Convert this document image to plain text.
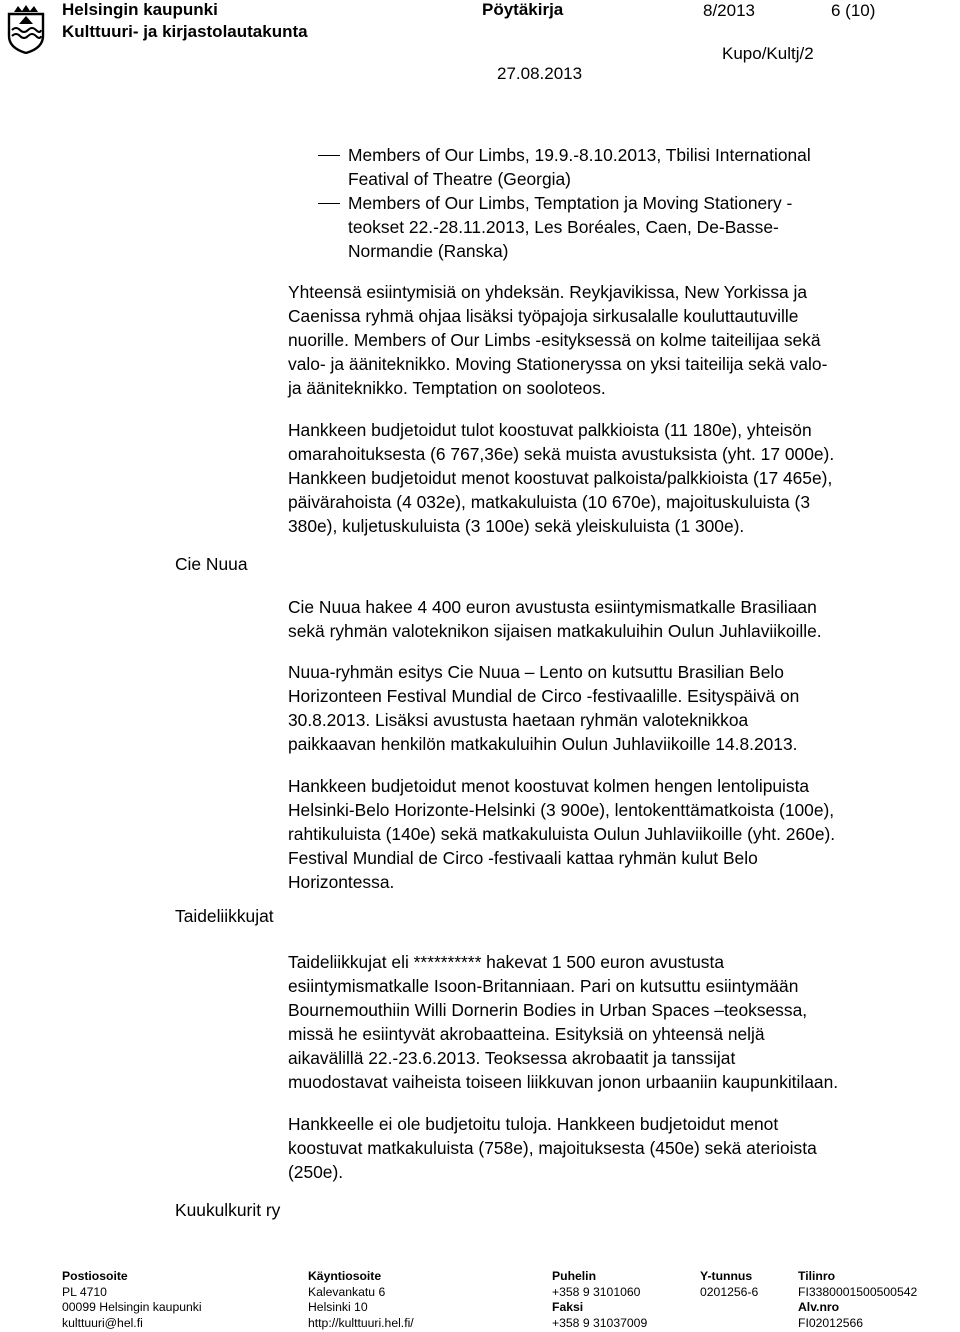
Helsingin kaupunki
Kulttuuri- ja kirjastolautakunta
Pöytäkirja	8/2013	6 (10)
27.08.2013
Kupo/Kultj/2
Members of Our Limbs, 19.9.-8.10.2013, Tbilisi International
Featival of Theatre (Georgia)
Members of Our Limbs, Temptation ja Moving Stationery -
teokset 22.-28.11.2013, Les Boréales, Caen, De-Basse-
Normandie (Ranska)
Yhteensä esiintymisiä on yhdeksän. Reykjavikissa, New Yorkissa ja
Caenissa ryhmä ohjaa lisäksi työpajoja sirkusalalle kouluttautuville
nuorille. Members of Our Limbs -esityksessä on kolme taiteilijaa sekä
valo- ja ääniteknikko. Moving Stationeryssa on yksi taiteilija sekä valo-
ja ääniteknikko. Temptation on sooloteos.
Hankkeen budjetoidut tulot koostuvat palkkioista (11 180e), yhteisön
omarahoituksesta (6 767,36e) sekä muista avustuksista (yht. 17 000e).
Hankkeen budjetoidut menot koostuvat palkoista/palkkioista (17 465e),
päivärahoista (4 032e), matkakuluista (10 670e), majoituskuluista (3
380e), kuljetuskuluista (3 100e) sekä yleiskuluista (1 300e).
Cie Nuua
Cie Nuua hakee 4 400 euron avustusta esiintymismatkalle Brasiliaan
sekä ryhmän valoteknikon sijaisen matkakuluihin Oulun Juhlaviikoille.
Nuua-ryhmän esitys Cie Nuua – Lento on kutsuttu Brasilian Belo
Horizonteen Festival Mundial de Circo -festivaalille. Esityspäivä on
30.8.2013. Lisäksi avustusta haetaan ryhmän valoteknikkoa
paikkaavan henkilön matkakuluihin Oulun Juhlaviikoille 14.8.2013.
Hankkeen budjetoidut menot koostuvat kolmen hengen lentolipuista
Helsinki-Belo Horizonte-Helsinki (3 900e), lentokenttämatkoista (100e),
rahtikuluista (140e) sekä matkakuluista Oulun Juhlaviikoille (yht. 260e).
Festival Mundial de Circo -festivaali kattaa ryhmän kulut Belo
Horizontessa.
Taideliikkujat
Taideliikkujat eli ********** hakevat 1 500 euron avustusta
esiintymismatkalle Isoon-Britanniaan. Pari on kutsuttu esiintymään
Bournemouthiin Willi Dornerin Bodies in Urban Spaces –teoksessa,
missä he esiintyvät akrobaatteina. Esityksiä on yhteensä neljä
aikavälillä 22.-23.6.2013. Teoksessa akrobaatit ja tanssijat
muodostavat vaiheista toiseen liikkuvan jonon urbaaniin kaupunkitilaan.
Hankkeelle ei ole budjetoitu tuloja. Hankkeen budjetoidut menot
koostuvat matkakuluista (758e), majoituksesta (450e) sekä aterioista
(250e).
Kuukulkurit ry
Postiosoite
PL 4710
00099 Helsingin kaupunki
kulttuuri@hel.fi
Käyntiosoite
Kalevankatu 6
Helsinki 10
http://kulttuuri.hel.fi/
Puhelin
+358 9 3101060
Faksi
+358 9 31037009
Y-tunnus
0201256-6
Tilinro
FI3380001500500542
Alv.nro
FI02012566
